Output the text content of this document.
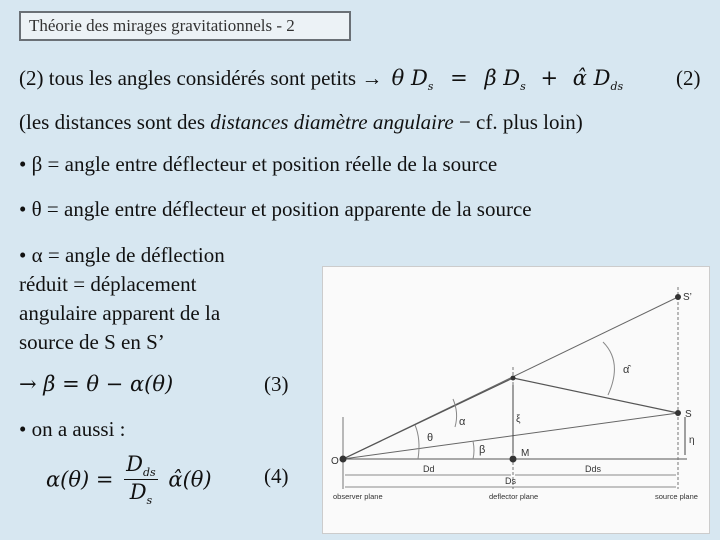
Théorie des mirages gravitationnels - 2
(2) tous les angles considérés sont petits → θ $D_s = \beta$ $D_s$ + α̂ $D_{ds}$	(2)
(les distances sont des distances diamètre angulaire − cf. plus loin)
• β = angle entre déflecteur et position réelle de la source
• θ = angle entre déflecteur et position apparente de la source
• α = angle de déflection
réduit = déplacement
angulaire apparent de la
source de S en S’
→ β = θ − α(θ)	(3)
• on a aussi :
$\alpha(\theta) = \frac{D_{ds}}{D_s}$ α̂(θ) (4)
O
M
S
S’
ξ
η
α
α̂
θ
β
Dd	Dds
Ds
observer plane	deflector plane	source plane
